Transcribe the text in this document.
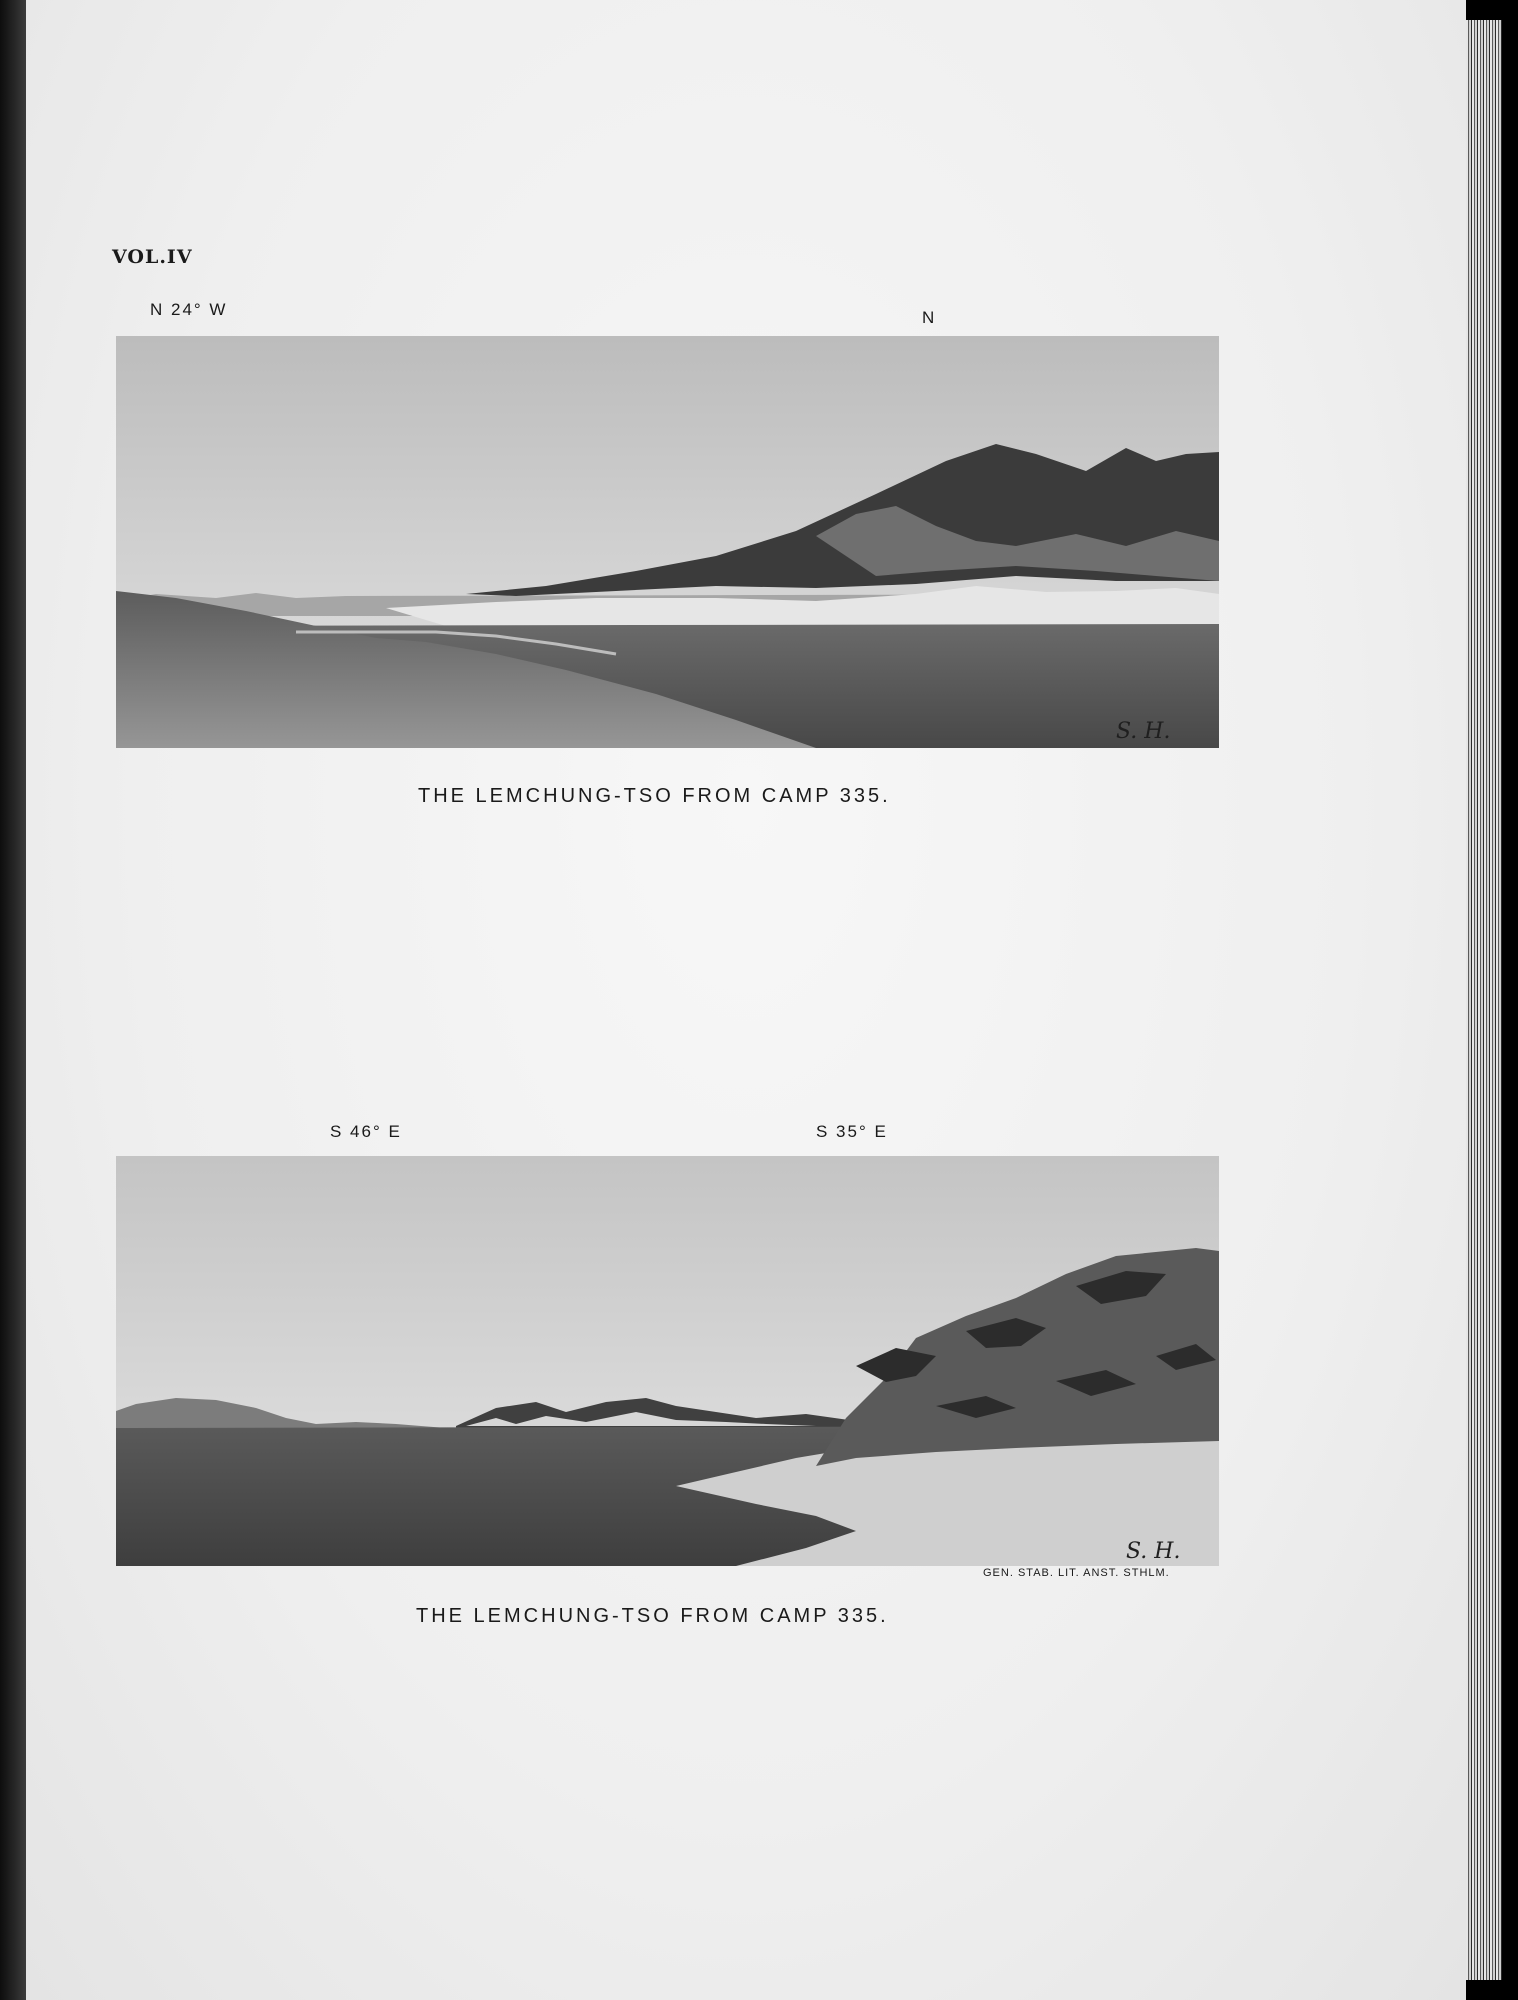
VOL.IV
N 24° W	N
S. H.
THE LEMCHUNG-TSO FROM CAMP 335.
S 46° E	S 35° E
S. H.
GEN. STAB. LIT. ANST. STHLM.
THE LEMCHUNG-TSO FROM CAMP 335.
